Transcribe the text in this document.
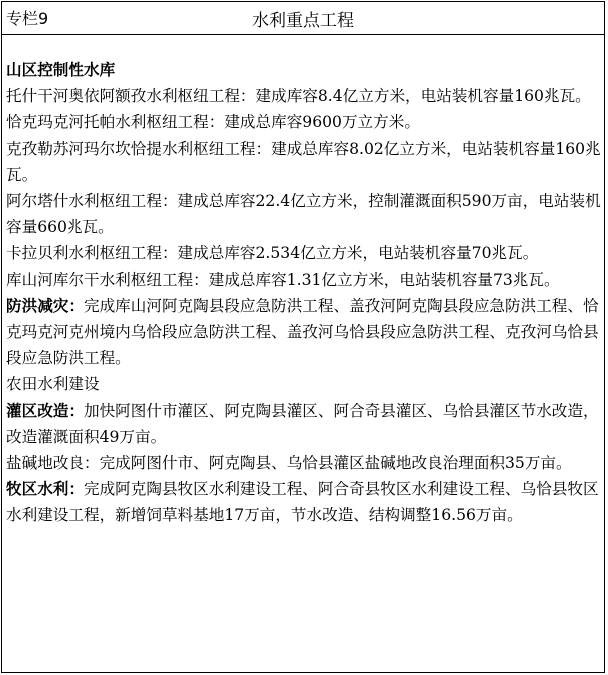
专栏9	水利重点工程
山区控制性水库
托什干河奥依阿额孜水利枢纽工程：建成库容8.4亿立方米，电站装机容量160兆瓦。
恰克玛克河托帕水利枢纽工程：建成总库容9600万立方米。
克孜勒苏河玛尔坎恰提水利枢纽工程：建成总库容8.02亿立方米，电站装机容量160兆瓦。
阿尔塔什水利枢纽工程：建成总库容22.4亿立方米，控制灌溉面积590万亩，电站装机容量660兆瓦。
卡拉贝利水利枢纽工程：建成总库容2.534亿立方米，电站装机容量70兆瓦。
库山河库尔干水利枢纽工程：建成总库容1.31亿立方米，电站装机容量73兆瓦。
防洪减灾：完成库山河阿克陶县段应急防洪工程、盖孜河阿克陶县段应急防洪工程、恰克玛克河克州境内乌恰段应急防洪工程、盖孜河乌恰县段应急防洪工程、克孜河乌恰县段应急防洪工程。
农田水利建设
灌区改造：加快阿图什市灌区、阿克陶县灌区、阿合奇县灌区、乌恰县灌区节水改造，改造灌溉面积49万亩。
盐碱地改良：完成阿图什市、阿克陶县、乌恰县灌区盐碱地改良治理面积35万亩。
牧区水利：完成阿克陶县牧区水利建设工程、阿合奇县牧区水利建设工程、乌恰县牧区水利建设工程，新增饲草料基地17万亩，节水改造、结构调整16.56万亩。
